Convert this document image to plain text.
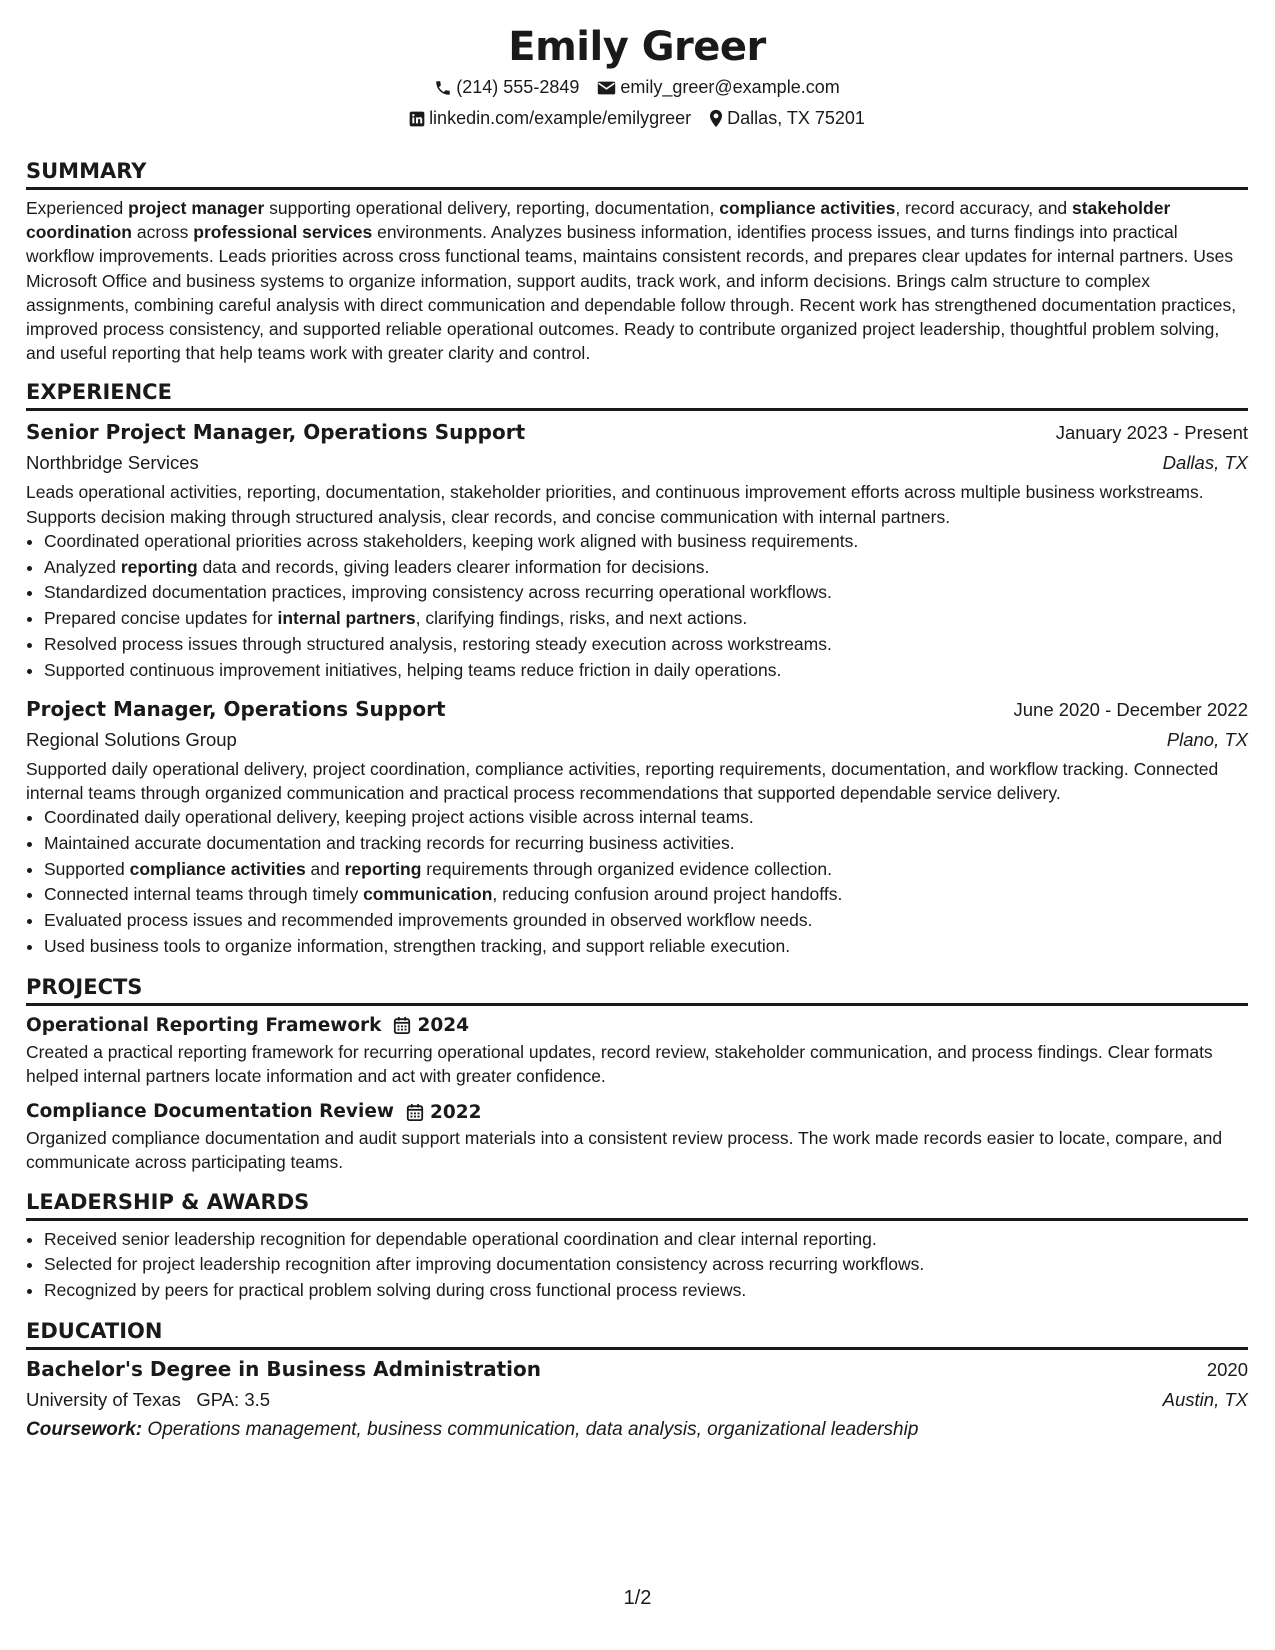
Emily Greer
(214) 555-2849 emily_greer@example.com
linkedin.com/example/emilygreer Dallas, TX 75201
SUMMARY

Experienced project manager supporting operational delivery, reporting, documentation, compliance activities, record accuracy, and stakeholder coordination across professional services environments. Analyzes business information, identifies process issues, and turns findings into practical workflow improvements. Leads priorities across cross functional teams, maintains consistent records, and prepares clear updates for internal partners. Uses Microsoft Office and business systems to organize information, support audits, track work, and inform decisions. Brings calm structure to complex assignments, combining careful analysis with direct communication and dependable follow through. Recent work has strengthened documentation practices, improved process consistency, and supported reliable operational outcomes. Ready to contribute organized project leadership, thoughtful problem solving, and useful reporting that help teams work with greater clarity and control.

EXPERIENCE
Senior Project Manager, Operations Support	January 2023 - Present
Northbridge Services	Dallas, TX

Leads operational activities, reporting, documentation, stakeholder priorities, and continuous improvement efforts across multiple business workstreams. Supports decision making through structured analysis, clear records, and concise communication with internal partners.

• Coordinated operational priorities across stakeholders, keeping work aligned with business requirements.
• Analyzed reporting data and records, giving leaders clearer information for decisions.
• Standardized documentation practices, improving consistency across recurring operational workflows.
• Prepared concise updates for internal partners, clarifying findings, risks, and next actions.
• Resolved process issues through structured analysis, restoring steady execution across workstreams.
• Supported continuous improvement initiatives, helping teams reduce friction in daily operations.
Project Manager, Operations Support	June 2020 - December 2022
Regional Solutions Group	Plano, TX

Supported daily operational delivery, project coordination, compliance activities, reporting requirements, documentation, and workflow tracking. Connected internal teams through organized communication and practical process recommendations that supported dependable service delivery.

• Coordinated daily operational delivery, keeping project actions visible across internal teams.
• Maintained accurate documentation and tracking records for recurring business activities.
• Supported compliance activities and reporting requirements through organized evidence collection.
• Connected internal teams through timely communication, reducing confusion around project handoffs.
• Evaluated process issues and recommended improvements grounded in observed workflow needs.
• Used business tools to organize information, strengthen tracking, and support reliable execution.
PROJECTS
Operational Reporting Framework 2024

Created a practical reporting framework for recurring operational updates, record review, stakeholder communication, and process findings. Clear formats helped internal partners locate information and act with greater confidence.

Compliance Documentation Review 2022

Organized compliance documentation and audit support materials into a consistent review process. The work made records easier to locate, compare, and communicate across participating teams.

LEADERSHIP & AWARDS
• Received senior leadership recognition for dependable operational coordination and clear internal reporting.
• Selected for project leadership recognition after improving documentation consistency across recurring workflows.
• Recognized by peers for practical problem solving during cross functional process reviews.
EDUCATION
Bachelor's Degree in Business Administration	2020
University of Texas GPA: 3.5	Austin, TX
Coursework: Operations management, business communication, data analysis, organizational leadership
1/2
